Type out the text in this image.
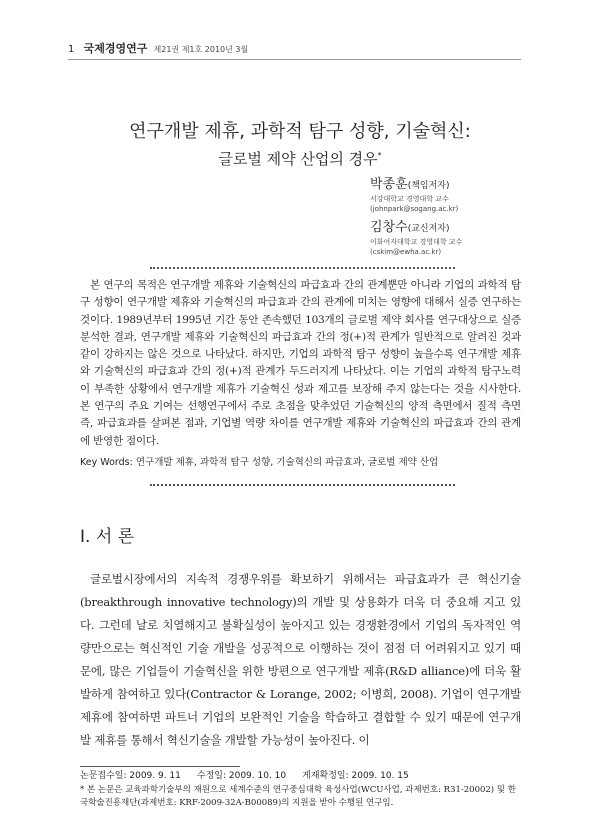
1 국제경영연구 제21권 제1호 2010년 3월
연구개발 제휴, 과학적 탐구 성향, 기술혁신:
글로벌 제약 산업의 경우*
박종훈(책임저자)
서강대학교 경영대학 교수
(johnpark@sogang.ac.kr)
김창수(교신저자)
이화여자대학교 경영대학 교수
(cskim@ewha.ac.kr)
본 연구의 목적은 연구개발 제휴와 기술혁신의 파급효과 간의 관계뿐만 아니라 기업의 과학적 탐구 성향이 연구개발 제휴와 기술혁신의 파급효과 간의 관계에 미치는 영향에 대해서 실증 연구하는 것이다. 1989년부터 1995년 기간 동안 존속했던 103개의 글로벌 제약 회사를 연구대상으로 실증 분석한 결과, 연구개발 제휴와 기술혁신의 파급효과 간의 정(+)적 관계가 일반적으로 알려진 것과 같이 강하지는 않은 것으로 나타났다. 하지만, 기업의 과학적 탐구 성향이 높을수록 연구개발 제휴와 기술혁신의 파급효과 간의 정(+)적 관계가 두드러지게 나타났다. 이는 기업의 과학적 탐구노력이 부족한 상황에서 연구개발 제휴가 기술혁신 성과 제고를 보장해 주지 않는다는 것을 시사한다. 본 연구의 주요 기여는 선행연구에서 주로 초점을 맞추었던 기술혁신의 양적 측면에서 질적 측면 즉, 파급효과를 살펴본 점과, 기업별 역량 차이를 연구개발 제휴와 기술혁신의 파급효과 간의 관계에 반영한 점이다.
Key Words: 연구개발 제휴, 과학적 탐구 성향, 기술혁신의 파급효과, 글로벌 제약 산업
Ⅰ. 서 론
글로벌시장에서의 지속적 경쟁우위를 확보하기 위해서는 파급효과가 큰 혁신기술(breakthrough innovative technology)의 개발 및 상용화가 더욱 더 중요해 지고 있다. 그런데 날로 치열해지고 불확실성이 높아지고 있는 경쟁환경에서 기업의 독자적인 역량만으로는 혁신적인 기술 개발을 성공적으로 이행하는 것이 점점 더 어려워지고 있기 때문에, 많은 기업들이 기술혁신을 위한 방편으로 연구개발 제휴(R&D alliance)에 더욱 활발하게 참여하고 있다(Contractor & Lorange, 2002; 이병희, 2008). 기업이 연구개발 제휴에 참여하면 파트너 기업의 보완적인 기술을 학습하고 결합할 수 있기 때문에 연구개발 제휴를 통해서 혁신기술을 개발할 가능성이 높아진다. 이
논문접수일: 2009. 9. 11 수정일: 2009. 10. 10 게재확정일: 2009. 10. 15
* 본 논문은 교육과학기술부의 재원으로 세계수준의 연구중심대학 육성사업(WCU사업, 과제번호: R31-20002) 및 한국학술진흥재단(과제번호: KRF-2009-32A-B00089)의 지원을 받아 수행된 연구임.
